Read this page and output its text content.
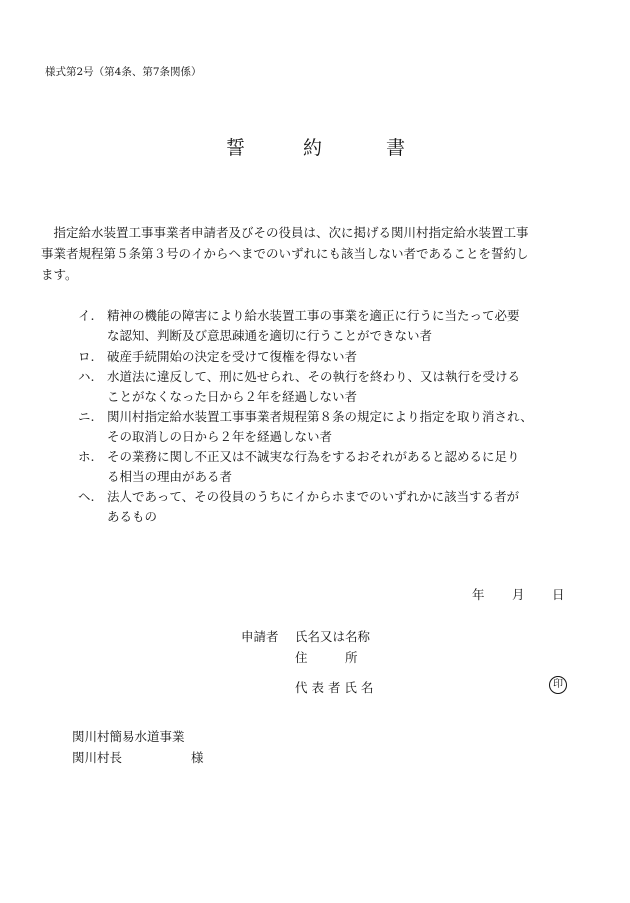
様式第2号（第4条、第7条関係）
誓	約	書
　指定給水装置工事事業者申請者及びその役員は、次に掲げる関川村指定給水装置工事
事業者規程第５条第３号のイからヘまでのいずれにも該当しない者であることを誓約し
ます。
イ. 精神の機能の障害により給水装置工事の事業を適正に行うに当たって必要
な認知、判断及び意思疎通を適切に行うことができない者
ロ. 破産手続開始の決定を受けて復権を得ない者
ハ. 水道法に違反して、刑に処せられ、その執行を終わり、又は執行を受ける
ことがなくなった日から２年を経過しない者
ニ. 関川村指定給水装置工事事業者規程第８条の規定により指定を取り消され、
その取消しの日から２年を経過しない者
ホ. その業務に関し不正又は不誠実な行為をするおそれがあると認めるに足り
る相当の理由がある者
ヘ. 法人であって、その役員のうちにイからホまでのいずれかに該当する者が
あるもの
年 月 日
申請者 氏名又は名称
住　　　所
代 表 者 氏 名	印
関川村簡易水道事業
関川村長	様
